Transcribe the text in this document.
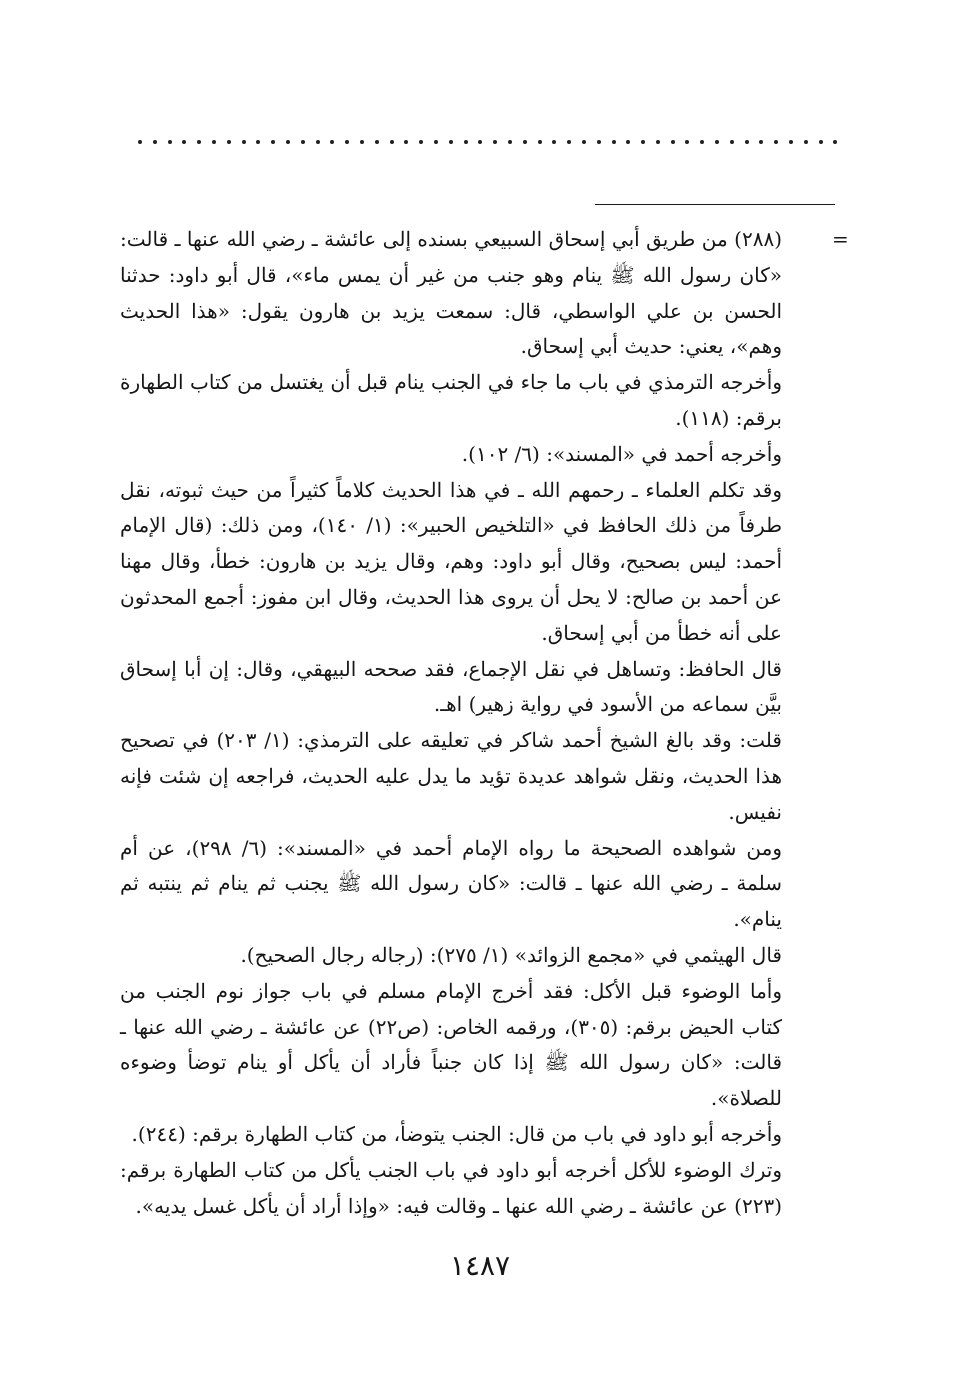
=

(٢٨٨) من طريق أبي إسحاق السبيعي بسنده إلى عائشة ـ رضي الله عنها ـ قالت: «كان رسول الله ﷺ ينام وهو جنب من غير أن يمس ماء»، قال أبو داود: حدثنا الحسن بن علي الواسطي، قال: سمعت يزيد بن هارون يقول: «هذا الحديث وهم»، يعني: حديث أبي إسحاق.

وأخرجه الترمذي في باب ما جاء في الجنب ينام قبل أن يغتسل من كتاب الطهارة برقم: (١١٨).

وأخرجه أحمد في «المسند»: (٦/ ١٠٢).

وقد تكلم العلماء ـ رحمهم الله ـ في هذا الحديث كلاماً كثيراً من حيث ثبوته، نقل طرفاً من ذلك الحافظ في «التلخيص الحبير»: (١/ ١٤٠)، ومن ذلك: (قال الإمام أحمد: ليس بصحيح، وقال أبو داود: وهم، وقال يزيد بن هارون: خطأ، وقال مهنا عن أحمد بن صالح: لا يحل أن يروى هذا الحديث، وقال ابن مفوز: أجمع المحدثون على أنه خطأ من أبي إسحاق.

قال الحافظ: وتساهل في نقل الإجماع، فقد صححه البيهقي، وقال: إن أبا إسحاق بيَّن سماعه من الأسود في رواية زهير) اهـ.

قلت: وقد بالغ الشيخ أحمد شاكر في تعليقه على الترمذي: (١/ ٢٠٣) في تصحيح هذا الحديث، ونقل شواهد عديدة تؤيد ما يدل عليه الحديث، فراجعه إن شئت فإنه نفيس.

ومن شواهده الصحيحة ما رواه الإمام أحمد في «المسند»: (٦/ ٢٩٨)، عن أم سلمة ـ رضي الله عنها ـ قالت: «كان رسول الله ﷺ يجنب ثم ينام ثم ينتبه ثم ينام».

قال الهيثمي في «مجمع الزوائد» (١/ ٢٧٥): (رجاله رجال الصحيح).

وأما الوضوء قبل الأكل: فقد أخرج الإمام مسلم في باب جواز نوم الجنب من كتاب الحيض برقم: (٣٠٥)، ورقمه الخاص: (ص٢٢) عن عائشة ـ رضي الله عنها ـ قالت: «كان رسول الله ﷺ إذا كان جنباً فأراد أن يأكل أو ينام توضأ وضوءه للصلاة».

وأخرجه أبو داود في باب من قال: الجنب يتوضأ، من كتاب الطهارة برقم: (٢٤٤).

وترك الوضوء للأكل أخرجه أبو داود في باب الجنب يأكل من كتاب الطهارة برقم: (٢٢٣) عن عائشة ـ رضي الله عنها ـ وقالت فيه: «وإذا أراد أن يأكل غسل يديه».

١٤٨٧
